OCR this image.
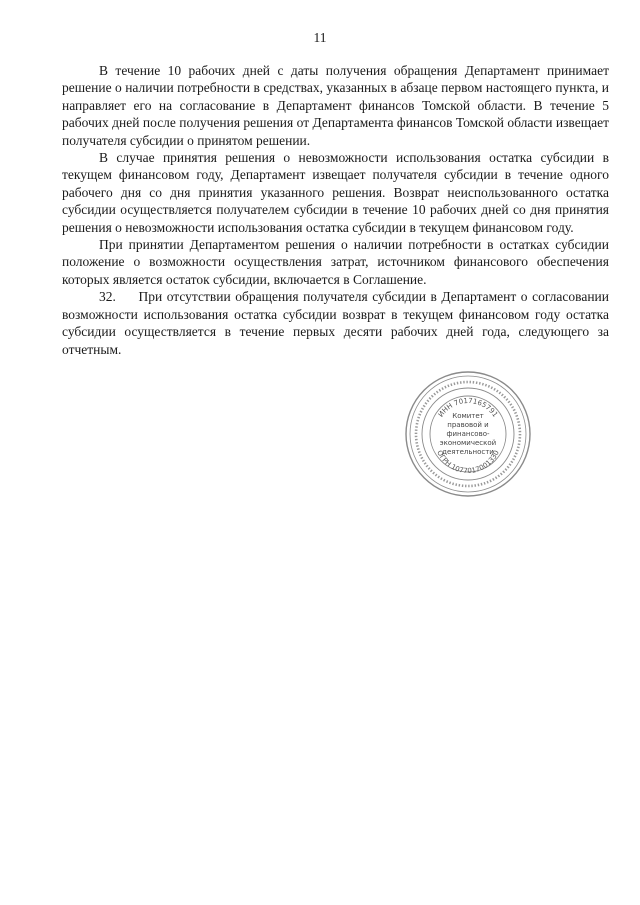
11

В течение 10 рабочих дней с даты получения обращения Департамент принимает решение о наличии потребности в средствах, указанных в абзаце первом настоящего пункта, и направляет его на согласование в Департамент финансов Томской области. В течение 5 рабочих дней после получения решения от Департамента финансов Томской области извещает получателя субсидии о принятом решении.

В случае принятия решения о невозможности использования остатка субсидии в текущем финансовом году, Департамент извещает получателя субсидии в течение одного рабочего дня со дня принятия указанного решения. Возврат неиспользованного остатка субсидии осуществляется получателем субсидии в течение 10 рабочих дней со дня принятия решения о невозможности использования остатка субсидии в текущем финансовом году.

При принятии Департаментом решения о наличии потребности в остатках субсидии положение о возможности осуществления затрат, источником финансового обеспечения которых является остаток субсидии, включается в Соглашение.

32.     При отсутствии обращения получателя субсидии в Департамент о согласовании возможности использования остатка субсидии возврат в текущем финансовом году остатка субсидии осуществляется в течение первых десяти рабочих дней года, следующего за отчетным.

ИНН 7017165791
ОГРН 1077017001330
Комитет
правовой и
финансово-
экономической
деятельности
